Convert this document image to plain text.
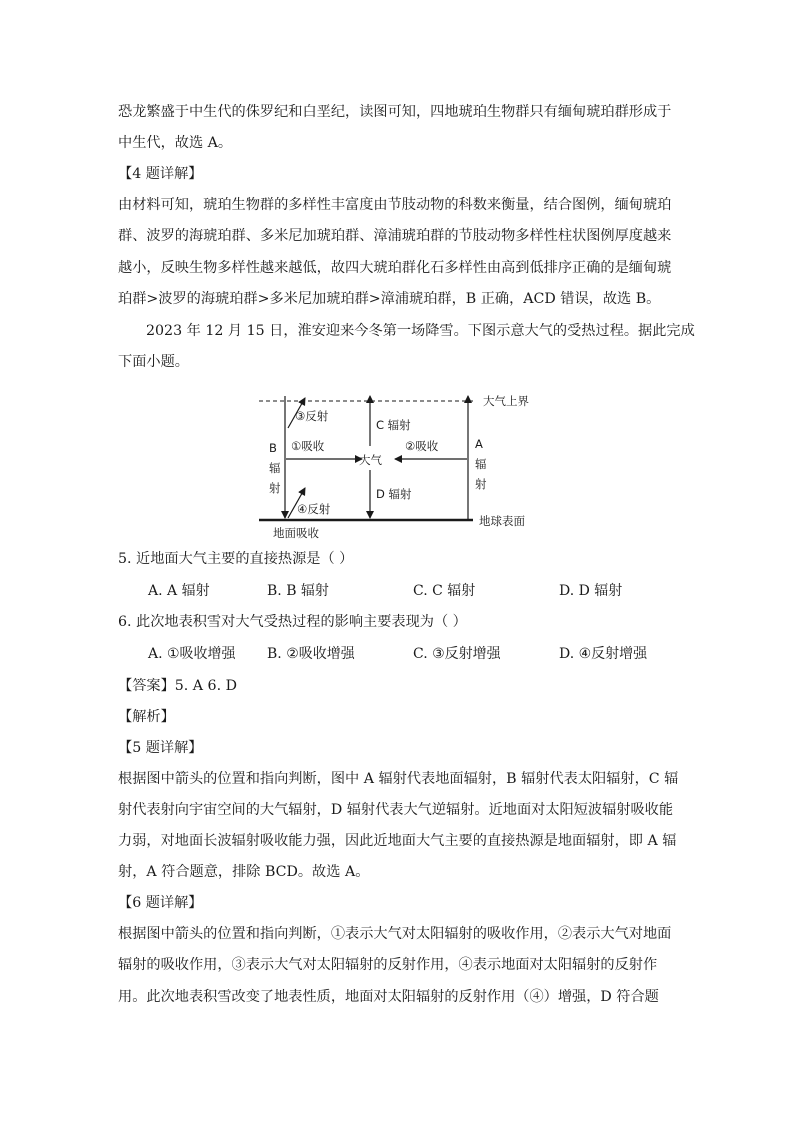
恐龙繁盛于中生代的侏罗纪和白垩纪，读图可知，四地琥珀生物群只有缅甸琥珀群形成于
中生代，故选 A。
【4 题详解】
由材料可知，琥珀生物群的多样性丰富度由节肢动物的科数来衡量，结合图例，缅甸琥珀
群、波罗的海琥珀群、多米尼加琥珀群、漳浦琥珀群的节肢动物多样性柱状图例厚度越来
越小，反映生物多样性越来越低，故四大琥珀群化石多样性由高到低排序正确的是缅甸琥
珀群>波罗的海琥珀群>多米尼加琥珀群>漳浦琥珀群，B 正确，ACD 错误，故选 B。
2023 年 12 月 15 日，淮安迎来今冬第一场降雪。下图示意大气的受热过程。据此完成
下面小题。
大气上界
地球表面
地面吸收
B
辐
射
③反射
①吸收
大气
②吸收	A
辐
射
C 辐射
D 辐射
④反射
5. 近地面大气主要的直接热源是（ ）
A. A 辐射	B. B 辐射	C. C 辐射	D. D 辐射
6. 此次地表积雪对大气受热过程的影响主要表现为（ ）
A. ①吸收增强 B. ②吸收增强	C. ③反射增强	D. ④反射增强
【答案】5. A 6. D
【解析】
【5 题详解】
根据图中箭头的位置和指向判断，图中 A 辐射代表地面辐射，B 辐射代表太阳辐射，C 辐
射代表射向宇宙空间的大气辐射，D 辐射代表大气逆辐射。近地面对太阳短波辐射吸收能
力弱，对地面长波辐射吸收能力强，因此近地面大气主要的直接热源是地面辐射，即 A 辐
射，A 符合题意，排除 BCD。故选 A。
【6 题详解】
根据图中箭头的位置和指向判断，①表示大气对太阳辐射的吸收作用，②表示大气对地面
辐射的吸收作用，③表示大气对太阳辐射的反射作用，④表示地面对太阳辐射的反射作
用。此次地表积雪改变了地表性质，地面对太阳辐射的反射作用（④）增强，D 符合题
